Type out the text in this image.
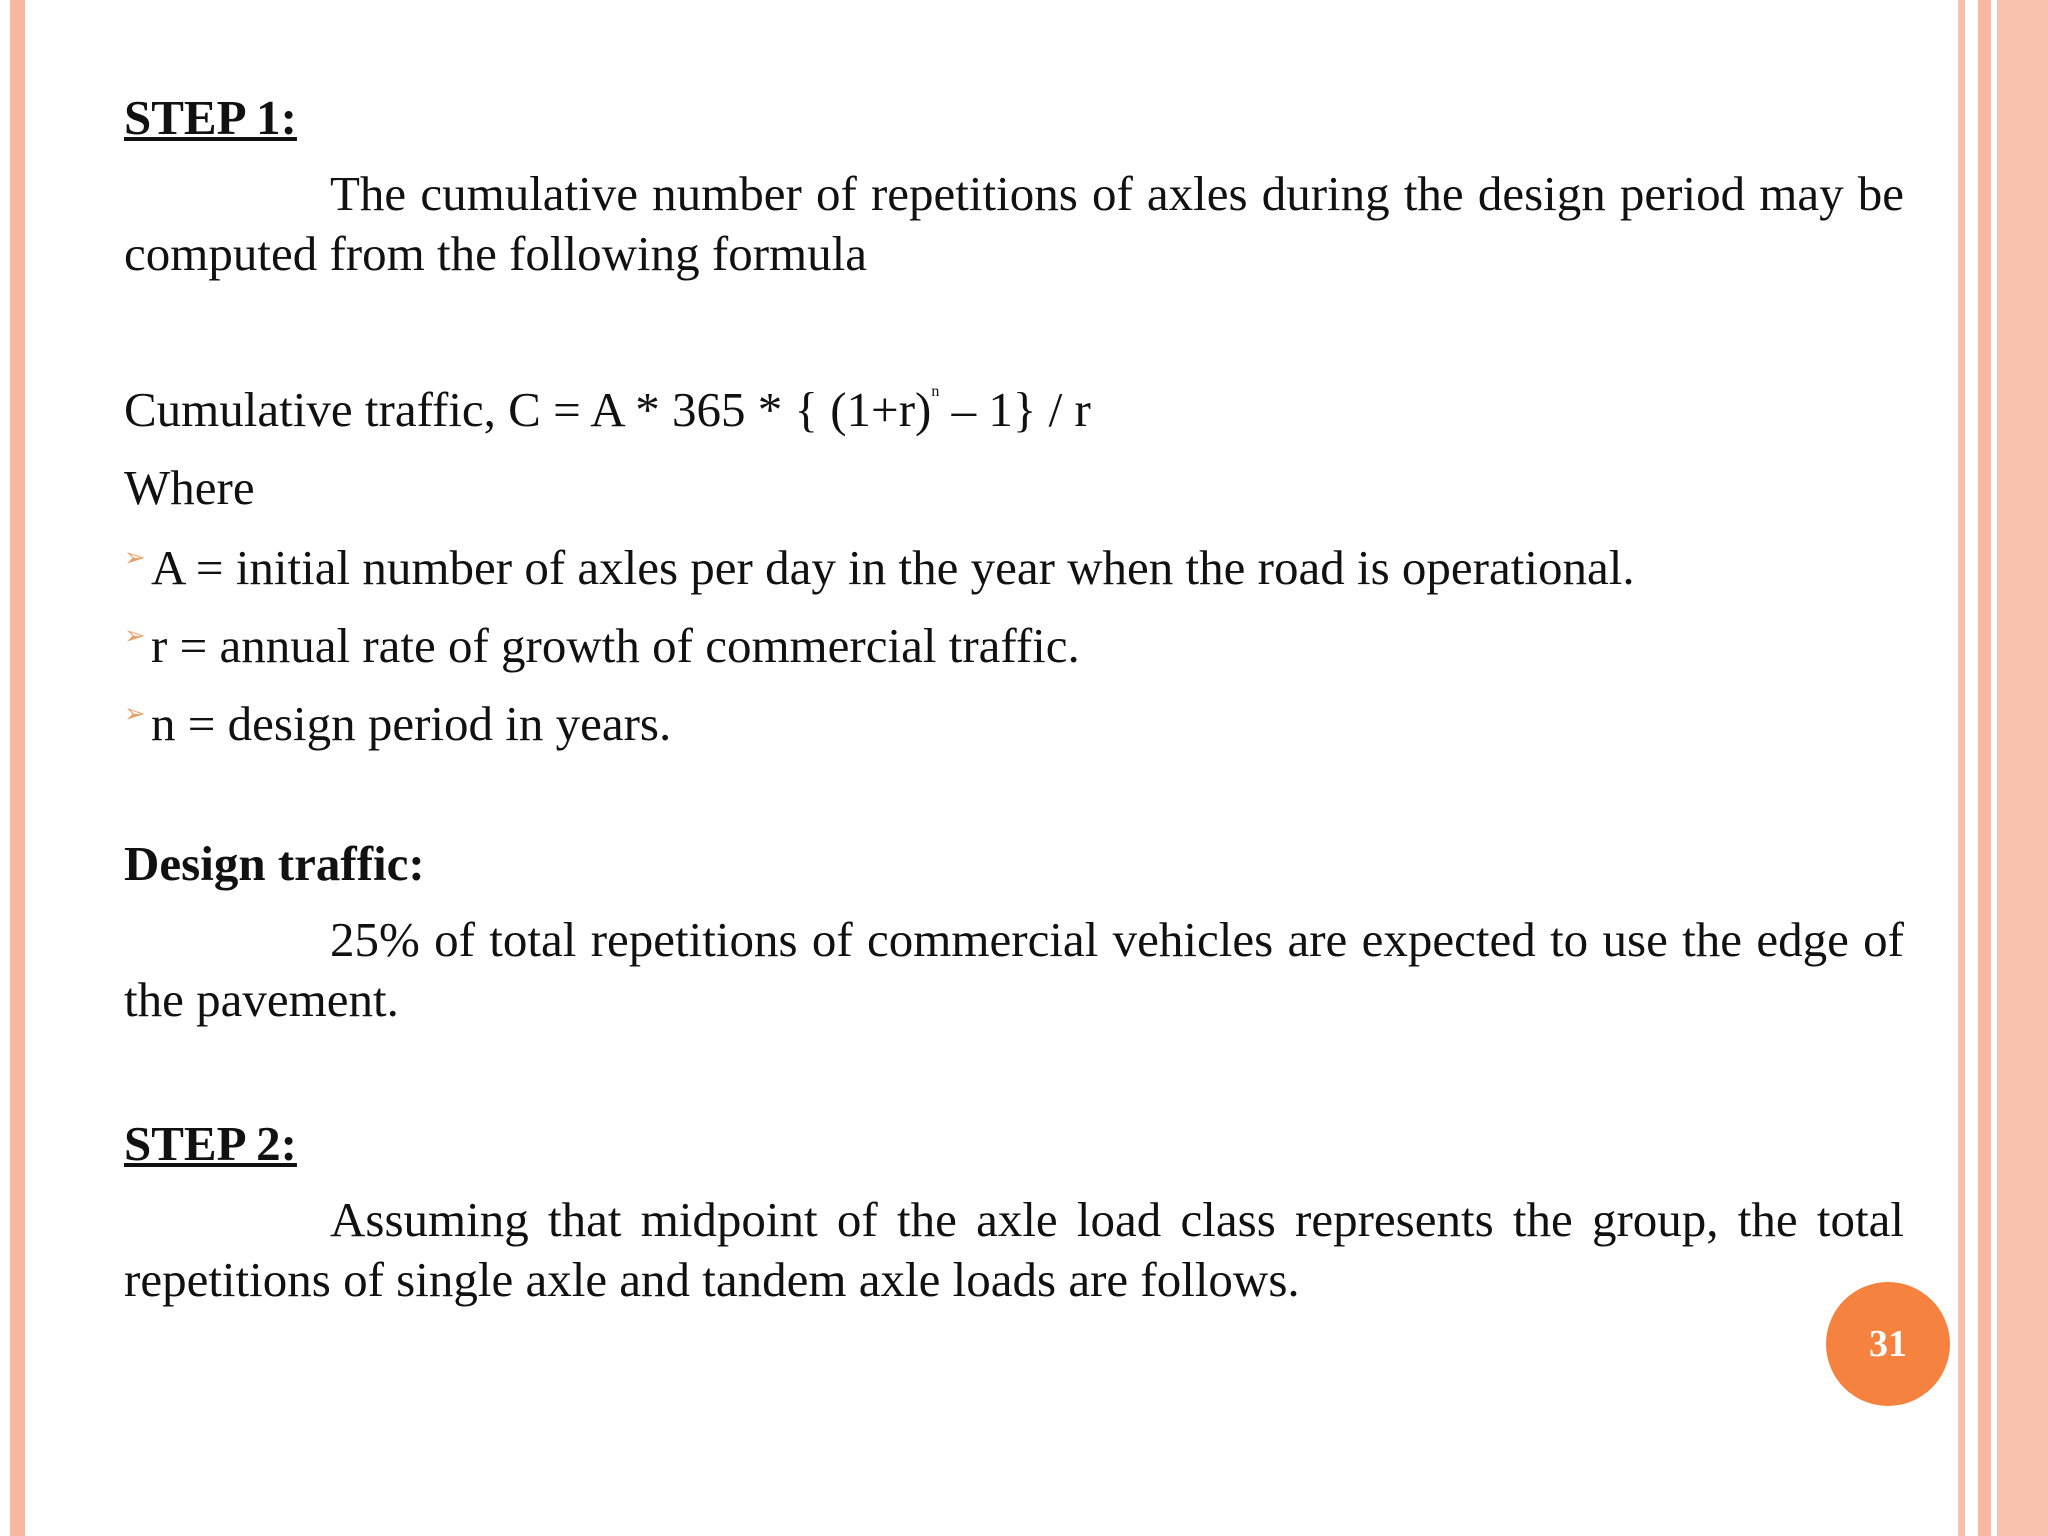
STEP 1:

The cumulative number of repetitions of axles during the design period may be computed from the following formula

Cumulative traffic, C = A * 365 * { $(1+r)^n - 1\} / r$

Where

➢ A = initial number of axles per day in the year when the road is operational.
➢ r = annual rate of growth of commercial traffic.
➢ n = design period in years.

Design traffic:

25% of total repetitions of commercial vehicles are expected to use the edge of the pavement.

STEP 2:

Assuming that midpoint of the axle load class represents the group, the total repetitions of single axle and tandem axle loads are follows.

31
